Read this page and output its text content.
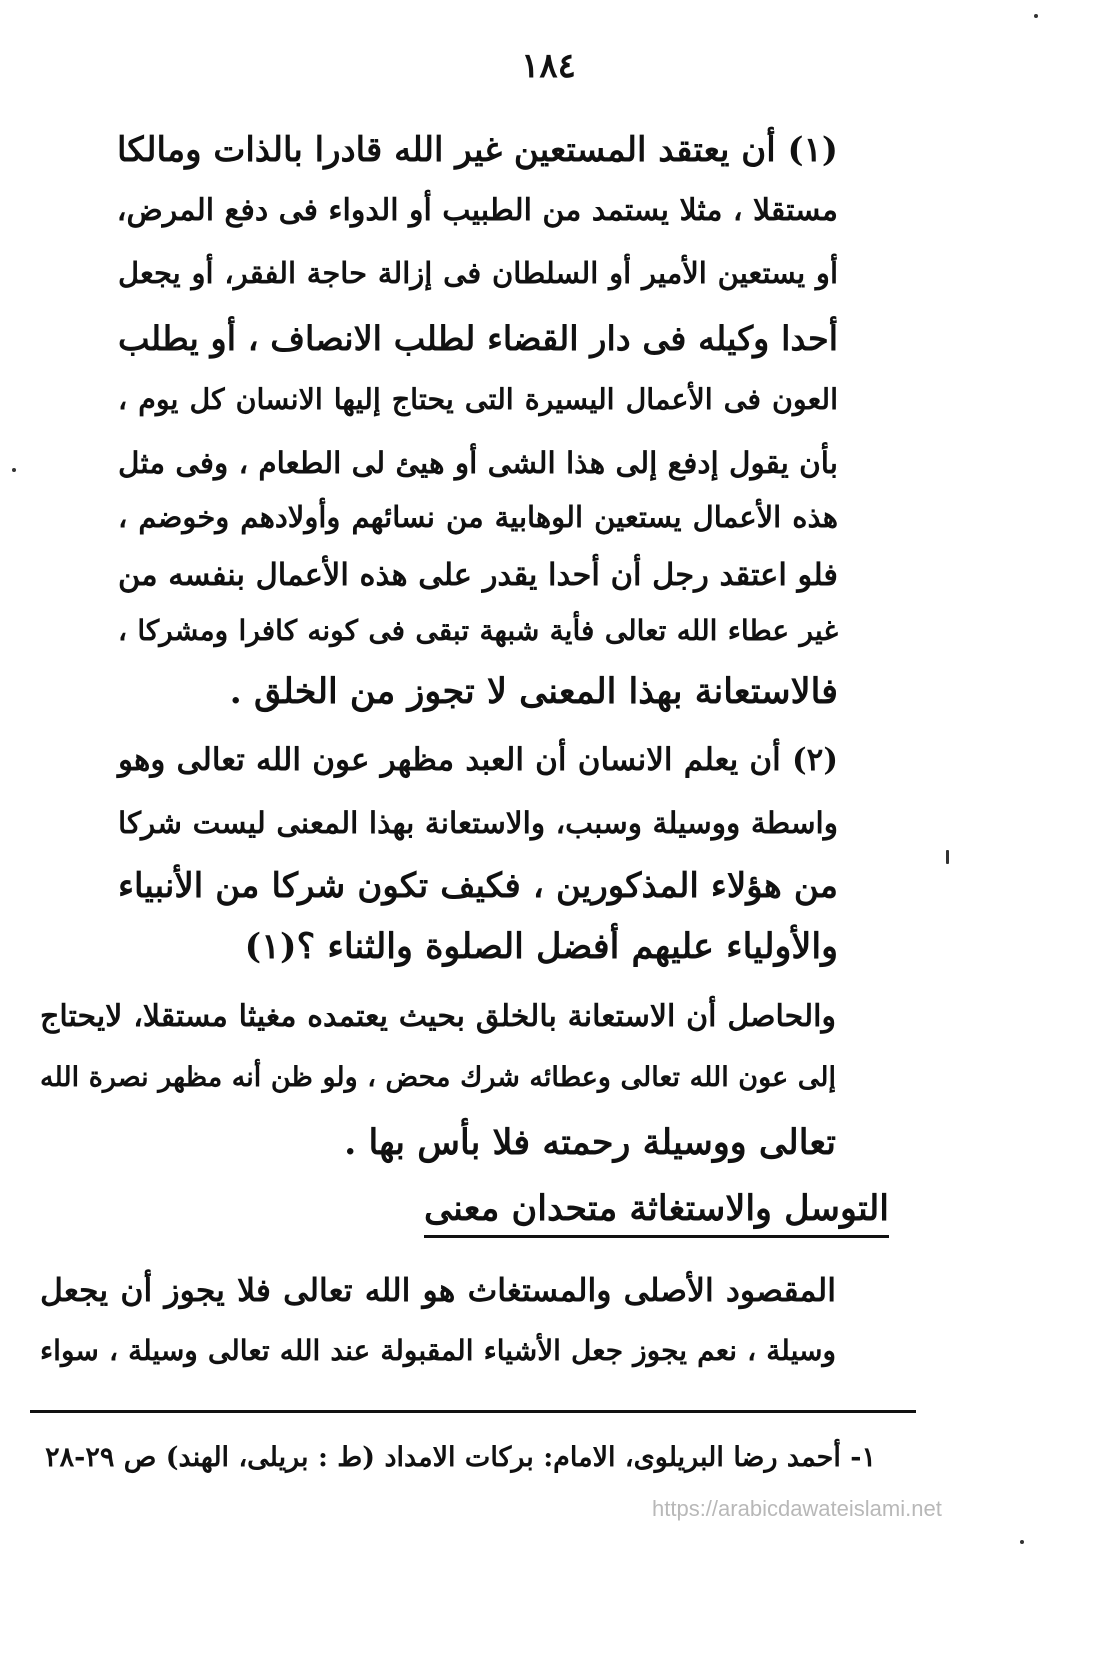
١٨٤
(١) أن يعتقد المستعين غير الله قادرا بالذات ومالكا
مستقلا ، مثلا يستمد من الطبيب أو الدواء فى دفع المرض،
أو يستعين الأمير أو السلطان فى إزالة حاجة الفقر، أو يجعل
أحدا وكيله فى دار القضاء لطلب الانصاف ، أو يطلب
العون فى الأعمال اليسيرة التى يحتاج إليها الانسان كل يوم ،
بأن يقول إدفع إلى هذا الشى أو هيئ لى الطعام ، وفى مثل
هذه الأعمال يستعين الوهابية من نسائهم وأولادهم وخوضم ،
فلو اعتقد رجل أن أحدا يقدر على هذه الأعمال بنفسه من
غير عطاء الله تعالى فأية شبهة تبقى فى كونه كافرا ومشركا ،
فالاستعانة بهذا المعنى لا تجوز من الخلق .
(٢) أن يعلم الانسان أن العبد مظهر عون الله تعالى وهو
واسطة ووسيلة وسبب، والاستعانة بهذا المعنى ليست شركا
من هؤلاء المذكورين ، فكيف تكون شركا من الأنبياء
والأولياء عليهم أفضل الصلوة والثناء ؟(١)
والحاصل أن الاستعانة بالخلق بحيث يعتمده مغيثا مستقلا، لايحتاج
إلى عون الله تعالى وعطائه شرك محض ، ولو ظن أنه مظهر نصرة الله
تعالى ووسيلة رحمته فلا بأس بها .
التوسل والاستغاثة متحدان معنى
المقصود الأصلى والمستغاث هو الله تعالى فلا يجوز أن يجعل
وسيلة ، نعم يجوز جعل الأشياء المقبولة عند الله تعالى وسيلة ، سواء
١- أحمد رضا البريلوى، الامام: بركات الامداد (ط : بريلى، الهند) ص ٢٩-٢٨
https://arabicdawateislami.net
